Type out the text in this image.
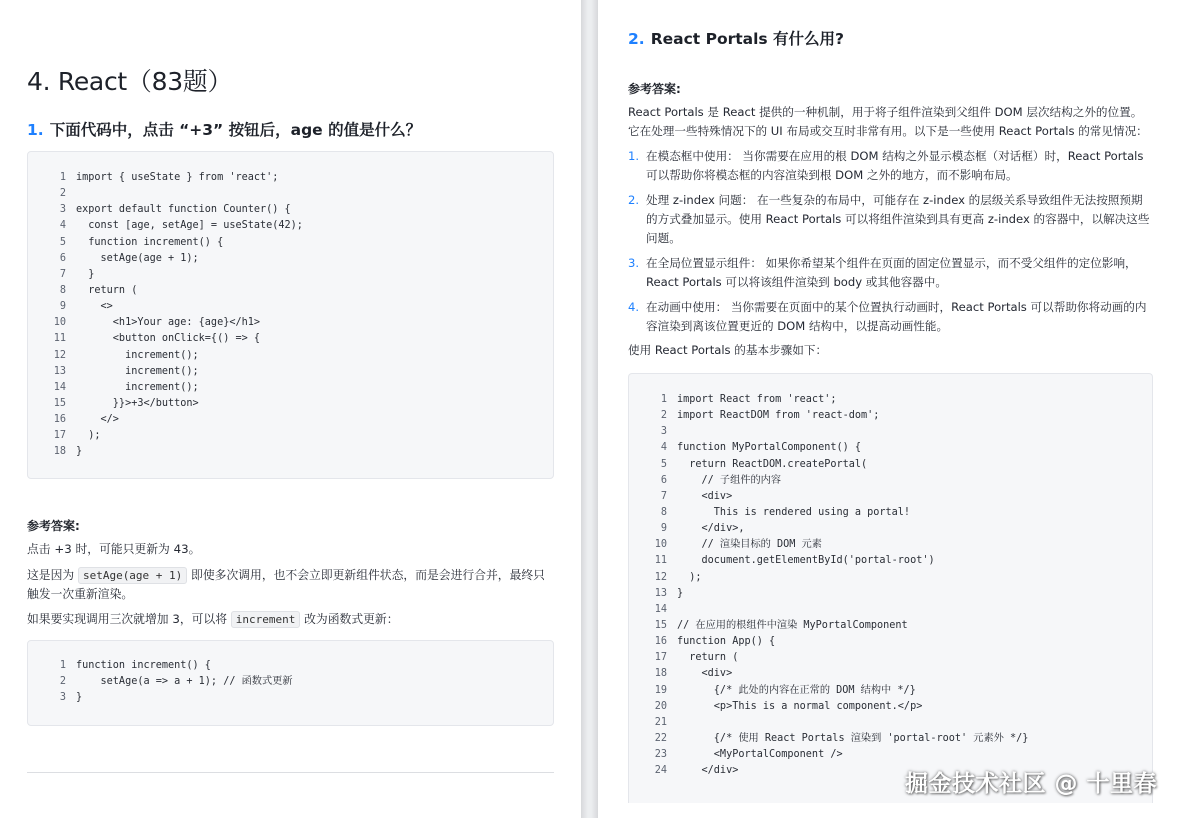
4. React（83题）
1. 下面代码中，点击 “+3” 按钮后，age 的值是什么？
1 import { useState } from 'react';
2
3 export default function Counter() {
4 const [age, setAge] = useState(42);
5 function increment() {
6 setAge(age + 1);
7 }
8 return (
9 <>
10 <h1>Your age: {age}</h1>
11 <button onClick={() => {
12 increment();
13 increment();
14 increment();
15 }}>+3</button>
16 </>
17 );
18 }

参考答案:

点击 +3 时，可能只更新为 43。

这是因为 setAge(age + 1) 即使多次调用，也不会立即更新组件状态，而是会进行合并，最终只触发一次重新渲染。

如果要实现调用三次就增加 3，可以将 increment 改为函数式更新：

1 function increment() {
2 setAge(a => a + 1); // 函数式更新
3 }
2. React Portals 有什么用?

参考答案:

React Portals 是 React 提供的一种机制，用于将子组件渲染到父组件 DOM 层次结构之外的位置。它在处理一些特殊情况下的 UI 布局或交互时非常有用。以下是一些使用 React Portals 的常见情况：

1. 在模态框中使用： 当你需要在应用的根 DOM 结构之外显示模态框（对话框）时，React Portals 可以帮助你将模态框的内容渲染到根 DOM 之外的地方，而不影响布局。
2. 处理 z-index 问题： 在一些复杂的布局中，可能存在 z-index 的层级关系导致组件无法按照预期的方式叠加显示。使用 React Portals 可以将组件渲染到具有更高 z-index 的容器中，以解决这些问题。
3. 在全局位置显示组件： 如果你希望某个组件在页面的固定位置显示，而不受父组件的定位影响，React Portals 可以将该组件渲染到 body 或其他容器中。
4. 在动画中使用： 当你需要在页面中的某个位置执行动画时，React Portals 可以帮助你将动画的内容渲染到离该位置更近的 DOM 结构中，以提高动画性能。

使用 React Portals 的基本步骤如下：

1 import React from 'react';
2 import ReactDOM from 'react-dom';
3
4 function MyPortalComponent() {
5 return ReactDOM.createPortal(
6 // 子组件的内容
7 <div>
8 This is rendered using a portal!
9 </div>,
10 // 渲染目标的 DOM 元素
11 document.getElementById('portal-root')
12 );
13 }
14
15 // 在应用的根组件中渲染 MyPortalComponent
16 function App() {
17 return (
18 <div>
19 {/* 此处的内容在正常的 DOM 结构中 */}
20 <p>This is a normal component.</p>
21
22 {/* 使用 React Portals 渲染到 'portal-root' 元素外 */}
23 <MyPortalComponent />
24 </div>
掘金技术社区 @ 十里春
